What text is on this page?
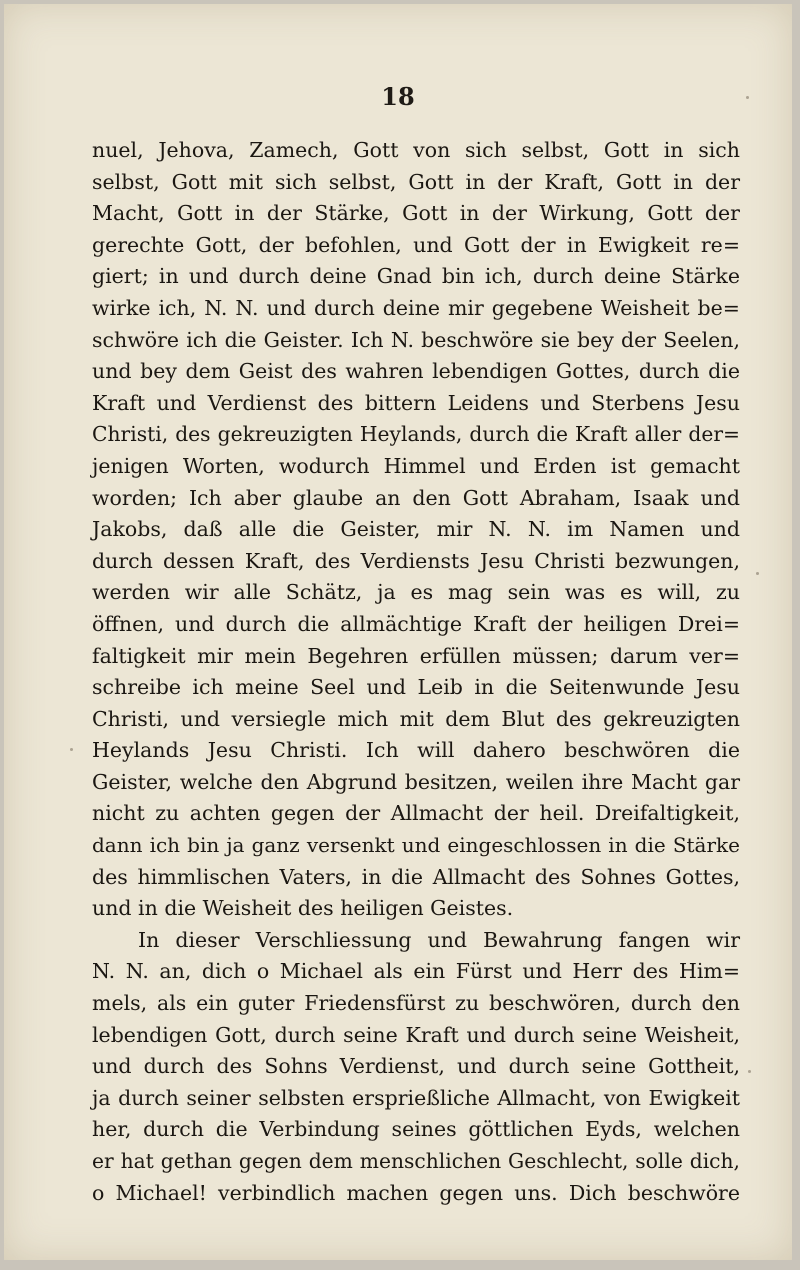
18
nuel, Jehova, Zamech, Gott von sich selbst, Gott in sich
selbst, Gott mit sich selbst, Gott in der Kraft, Gott in der
Macht, Gott in der Stärke, Gott in der Wirkung, Gott der
gerechte Gott, der befohlen, und Gott der in Ewigkeit re=
giert; in und durch deine Gnad bin ich, durch deine Stärke
wirke ich, N. N. und durch deine mir gegebene Weisheit be=
schwöre ich die Geister. Ich N. beschwöre sie bey der Seelen,
und bey dem Geist des wahren lebendigen Gottes, durch die
Kraft und Verdienst des bittern Leidens und Sterbens Jesu
Christi, des gekreuzigten Heylands, durch die Kraft aller der=
jenigen Worten, wodurch Himmel und Erden ist gemacht
worden; Ich aber glaube an den Gott Abraham, Isaak und
Jakobs, daß alle die Geister, mir N. N. im Namen und
durch dessen Kraft, des Verdiensts Jesu Christi bezwungen,
werden wir alle Schätz, ja es mag sein was es will, zu
öffnen, und durch die allmächtige Kraft der heiligen Drei=
faltigkeit mir mein Begehren erfüllen müssen; darum ver=
schreibe ich meine Seel und Leib in die Seitenwunde Jesu
Christi, und versiegle mich mit dem Blut des gekreuzigten
Heylands Jesu Christi. Ich will dahero beschwören die
Geister, welche den Abgrund besitzen, weilen ihre Macht gar
nicht zu achten gegen der Allmacht der heil. Dreifaltigkeit,
dann ich bin ja ganz versenkt und eingeschlossen in die Stärke
des himmlischen Vaters, in die Allmacht des Sohnes Gottes,
und in die Weisheit des heiligen Geistes.
In dieser Verschliessung und Bewahrung fangen wir
N. N. an, dich o Michael als ein Fürst und Herr des Him=
mels, als ein guter Friedensfürst zu beschwören, durch den
lebendigen Gott, durch seine Kraft und durch seine Weisheit,
und durch des Sohns Verdienst, und durch seine Gottheit,
ja durch seiner selbsten ersprießliche Allmacht, von Ewigkeit
her, durch die Verbindung seines göttlichen Eyds, welchen
er hat gethan gegen dem menschlichen Geschlecht, solle dich,
o Michael! verbindlich machen gegen uns. Dich beschwöre
